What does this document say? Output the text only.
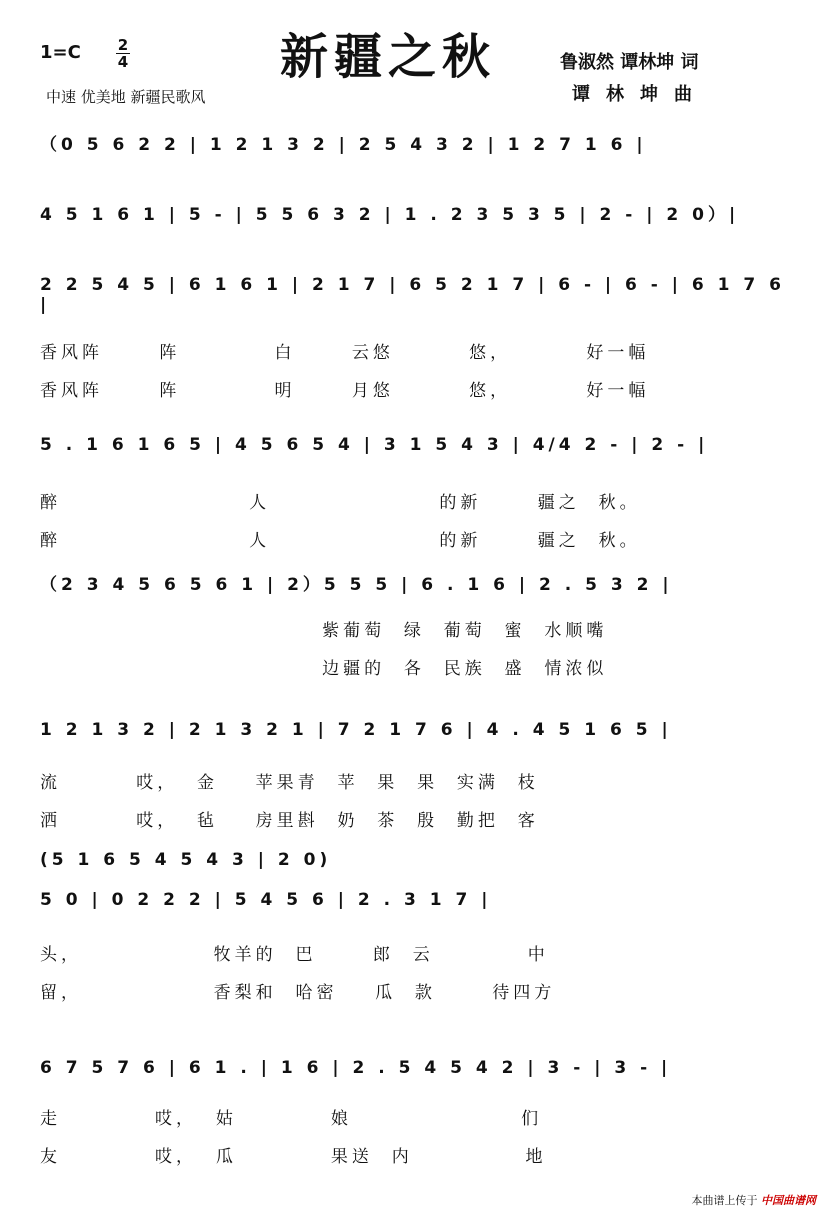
新疆之秋
1=C 2
4
中速 优美地 新疆民歌风
鲁淑然 谭林坤 词
谭林坤曲
（0 5 6 2 2 | 1 2 1 3 2 | 2 5 4 3 2 | 1 2 7 1 6 |
4 5 1 6 1 | 5 - | 5 5 6 3 2 | 1 . 2 3 5 3 5 | 2 - | 2 0）|
2 2 5 4 5 | 6 1 6 1 | 2 1 7 | 6 5 2 1 7 | 6 - | 6 - | 6 1 7 6 |
5 . 1 6 1 6 5 | 4 5 6 5 4 | 3 1 5 4 3 | 4/4 2 - | 2 - |
（2 3 4 5 6 5 6 1 | 2）5 5 5 | 6 . 1 6 | 2 . 5 3 2 |
1 2 1 3 2 | 2 1 3 2 1 | 7 2 1 7 6 | 4 . 4 5 1 6 5 |
(5 1 6 5 4 5 4 3 | 2 0)
5 0 | 0 2 2 2 | 5 4 5 6 | 2 . 3 1 7 |
6 7 5 7 6 | 6 1 . | 1 6 | 2 . 5 4 5 4 2 | 3 - | 3 - |
香风阵      阵          白      云悠        悠，        好一幅
香风阵      阵          明      月悠        悠，        好一幅
醉                    人                  的新      疆之  秋。
醉                    人                  的新      疆之  秋。
紫葡萄  绿  葡萄  蜜  水顺嘴
边疆的  各  民族  盛  情浓似
流        哎，  金    苹果青  苹  果  果  实满  枝
洒        哎，  毡    房里斟  奶  茶  殷  勤把  客
头，              牧羊的  巴      郎  云          中
留，              香梨和  哈密    瓜  款      待四方
走          哎，  姑          娘                  们
友          哎，  瓜          果送  内            地
本曲谱上传于 中国曲谱网
